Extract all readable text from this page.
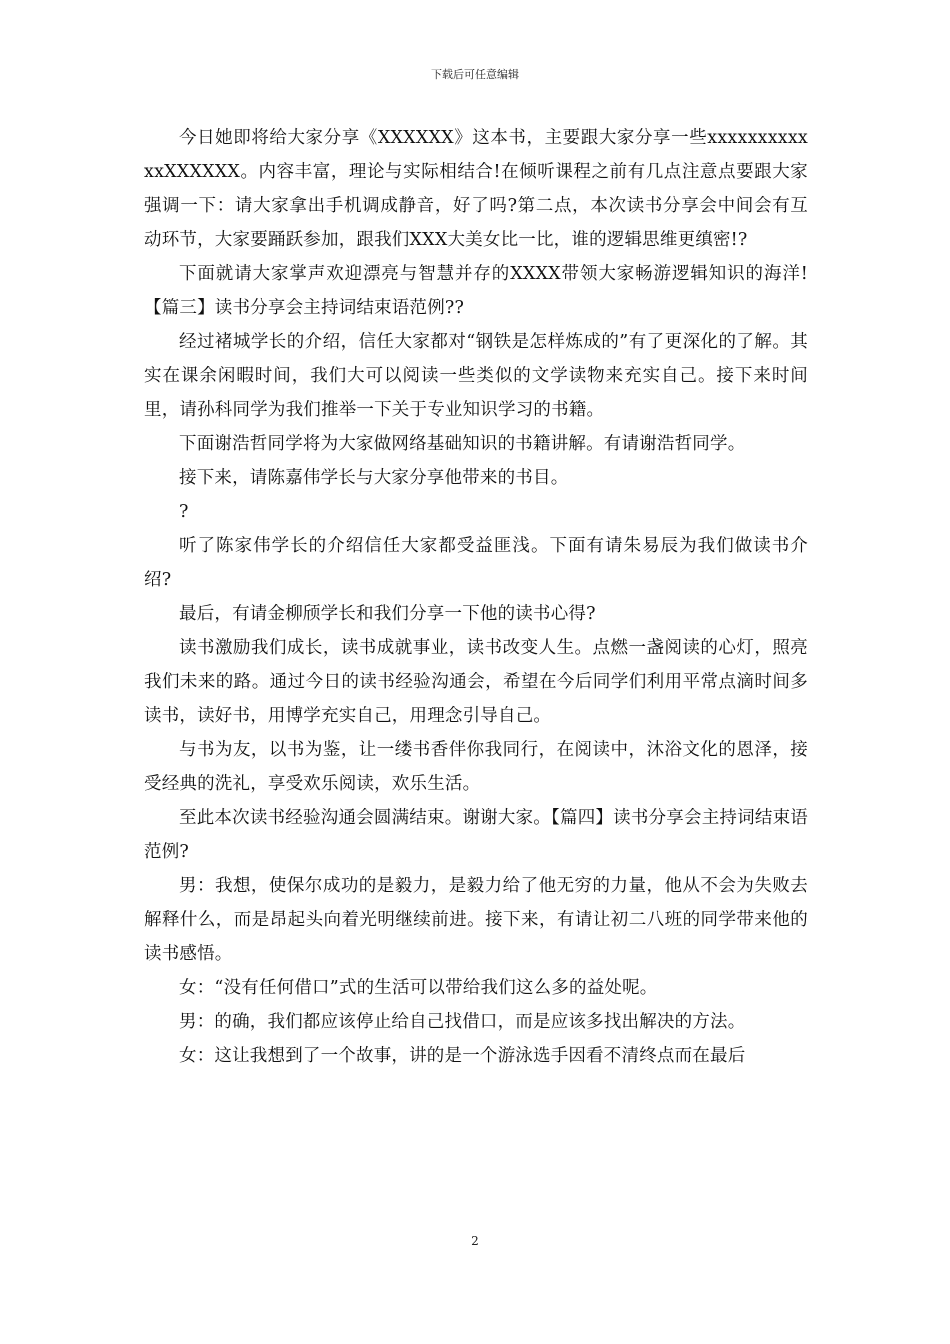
下载后可任意编辑

今日她即将给大家分享《XXXXXX》这本书，主要跟大家分享一些xxxxxxxxxxxxXXXXXX。内容丰富，理论与实际相结合!在倾听课程之前有几点注意点要跟大家强调一下：请大家拿出手机调成静音，好了吗?第二点，本次读书分享会中间会有互动环节，大家要踊跃参加，跟我们XXX大美女比一比，谁的逻辑思维更缜密!?

下面就请大家掌声欢迎漂亮与智慧并存的XXXX带领大家畅游逻辑知识的海洋!【篇三】读书分享会主持词结束语范例??

经过褚城学长的介绍，信任大家都对“钢铁是怎样炼成的”有了更深化的了解。其实在课余闲暇时间，我们大可以阅读一些类似的文学读物来充实自己。接下来时间里，请孙科同学为我们推举一下关于专业知识学习的书籍。

下面谢浩哲同学将为大家做网络基础知识的书籍讲解。有请谢浩哲同学。

接下来，请陈嘉伟学长与大家分享他带来的书目。

?

听了陈家伟学长的介绍信任大家都受益匪浅。下面有请朱易辰为我们做读书介绍?

最后，有请金柳颀学长和我们分享一下他的读书心得?

读书激励我们成长，读书成就事业，读书改变人生。点燃一盏阅读的心灯，照亮我们未来的路。通过今日的读书经验沟通会，希望在今后同学们利用平常点滴时间多读书，读好书，用博学充实自己，用理念引导自己。

与书为友，以书为鉴，让一缕书香伴你我同行，在阅读中，沐浴文化的恩泽，接受经典的洗礼，享受欢乐阅读，欢乐生活。

至此本次读书经验沟通会圆满结束。谢谢大家。【篇四】读书分享会主持词结束语范例?

男：我想，使保尔成功的是毅力，是毅力给了他无穷的力量，他从不会为失败去解释什么，而是昂起头向着光明继续前进。接下来，有请让初二八班的同学带来他的读书感悟。

女：“没有任何借口”式的生活可以带给我们这么多的益处呢。

男：的确，我们都应该停止给自己找借口，而是应该多找出解决的方法。

女：这让我想到了一个故事，讲的是一个游泳选手因看不清终点而在最后

2
